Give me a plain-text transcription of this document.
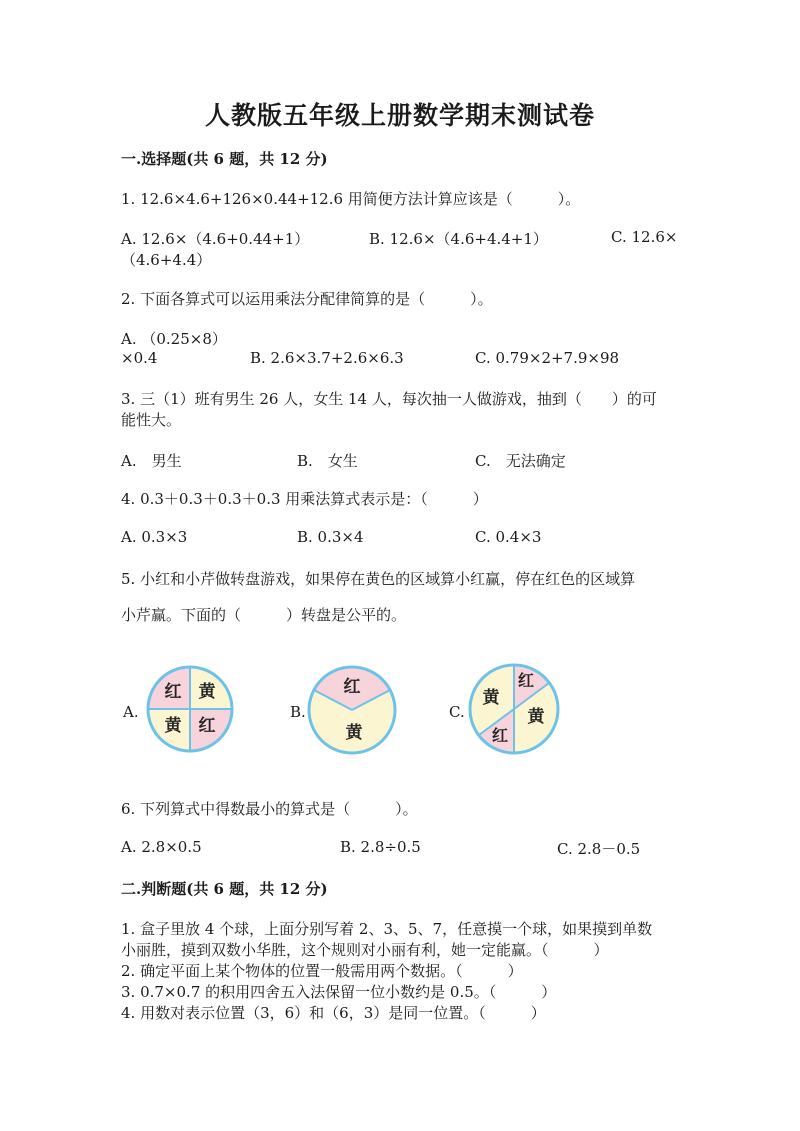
人教版五年级上册数学期末测试卷
一.选择题(共 6 题，共 12 分)
1. 12.6×4.6+126×0.44+12.6 用简便方法计算应该是（　　　）。
A. 12.6×（4.6+0.44+1）	B. 12.6×（4.6+4.4+1）	C. 12.6×
（4.6+4.4）
2. 下面各算式可以运用乘法分配律简算的是（　　　）。
A. （0.25×8）
×0.4	B. 2.6×3.7+2.6×6.3	C. 0.79×2+7.9×98
3. 三（1）班有男生 26 人，女生 14 人，每次抽一人做游戏，抽到（　　）的可
能性大。
A.　男生	B.　女生	C.　无法确定
4. 0.3＋0.3＋0.3＋0.3 用乘法算式表示是：（　　　）
A. 0.3×3	B. 0.3×4	C. 0.4×3
5. 小红和小芹做转盘游戏，如果停在黄色的区域算小红赢，停在红色的区域算
小芹赢。下面的（　　　）转盘是公平的。
A.	B.	C.
红 黄
黄 红
红
黄
红
黄
黄
红
6. 下列算式中得数最小的算式是（　　　）。
A. 2.8×0.5	B. 2.8÷0.5	C. 2.8－0.5
二.判断题(共 6 题，共 12 分)
1. 盒子里放 4 个球，上面分别写着 2、3、5、7，任意摸一个球，如果摸到单数
小丽胜，摸到双数小华胜，这个规则对小丽有利，她一定能赢。（　　　）
2. 确定平面上某个物体的位置一般需用两个数据。（　　　）
3. 0.7×0.7 的积用四舍五入法保留一位小数约是 0.5。（　　　）
4. 用数对表示位置（3，6）和（6，3）是同一位置。（　　　）
